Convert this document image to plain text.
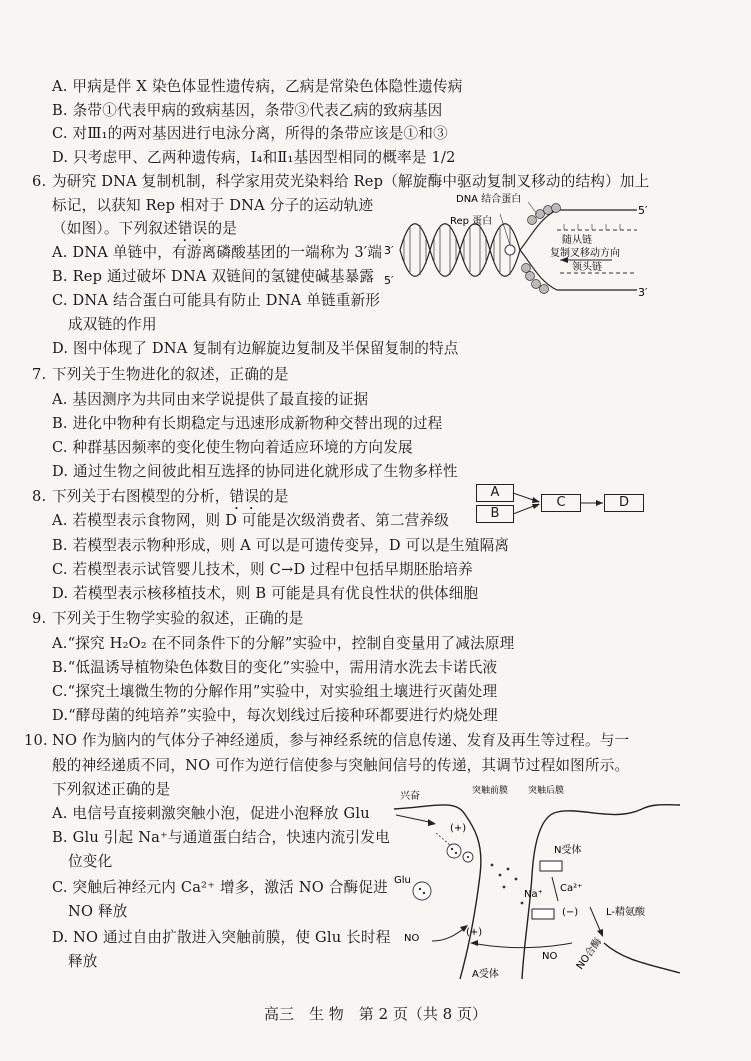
A. 甲病是伴 X 染色体显性遗传病，乙病是常染色体隐性遗传病
B. 条带①代表甲病的致病基因，条带③代表乙病的致病基因
C. 对Ⅲ₁的两对基因进行电泳分离，所得的条带应该是①和③
D. 只考虑甲、乙两种遗传病，Ⅰ₄和Ⅱ₁基因型相同的概率是 1/2
6. 为研究 DNA 复制机制，科学家用荧光染料给 Rep（解旋酶中驱动复制叉移动的结构）加上
标记，以获知 Rep 相对于 DNA 分子的运动轨迹
（如图）。下列叙述错误的是
A. DNA 单链中，有游离磷酸基团的一端称为 3′端
B. Rep 通过破坏 DNA 双链间的氢键使碱基暴露
C. DNA 结合蛋白可能具有防止 DNA 单链重新形
成双链的作用
D. 图中体现了 DNA 复制有边解旋边复制及半保留复制的特点
DNA 结合蛋白
Rep 蛋白
随从链
复制叉移动方向
领头链
5′
3′
5′
3′
7. 下列关于生物进化的叙述，正确的是
A. 基因测序为共同由来学说提供了最直接的证据
B. 进化中物种有长期稳定与迅速形成新物种交替出现的过程
C. 种群基因频率的变化使生物向着适应环境的方向发展
D. 通过生物之间彼此相互选择的协同进化就形成了生物多样性
8. 下列关于右图模型的分析，错误的是
A. 若模型表示食物网，则 D 可能是次级消费者、第二营养级
B. 若模型表示物种形成，则 A 可以是可遗传变异，D 可以是生殖隔离
C. 若模型表示试管婴儿技术，则 C→D 过程中包括早期胚胎培养
D. 若模型表示核移植技术，则 B 可能是具有优良性状的供体细胞
A
B
C	D
9. 下列关于生物学实验的叙述，正确的是
A.“探究 H₂O₂ 在不同条件下的分解”实验中，控制自变量用了减法原理
B.“低温诱导植物染色体数目的变化”实验中，需用清水洗去卡诺氏液
C.“探究土壤微生物的分解作用”实验中，对实验组土壤进行灭菌处理
D.“酵母菌的纯培养”实验中，每次划线过后接种环都要进行灼烧处理
10. NO 作为脑内的气体分子神经递质，参与神经系统的信息传递、发育及再生等过程。与一
般的神经递质不同，NO 可作为逆行信使参与突触间信号的传递，其调节过程如图所示。
下列叙述正确的是
A. 电信号直接刺激突触小泡，促进小泡释放 Glu
B. Glu 引起 Na⁺与通道蛋白结合，快速内流引发电
位变化
C. 突触后神经元内 Ca²⁺ 增多，激活 NO 合酶促进
NO 释放
D. NO 通过自由扩散进入突触前膜，使 Glu 长时程
释放
兴奋
Glu
(+)
(+)
N受体
Ca²⁺
(−)
Na⁺
L-精氨酸
NO合酶
NO
NO
A受体
突触前膜 突触后膜
高三　生 物　第 2 页（共 8 页）
